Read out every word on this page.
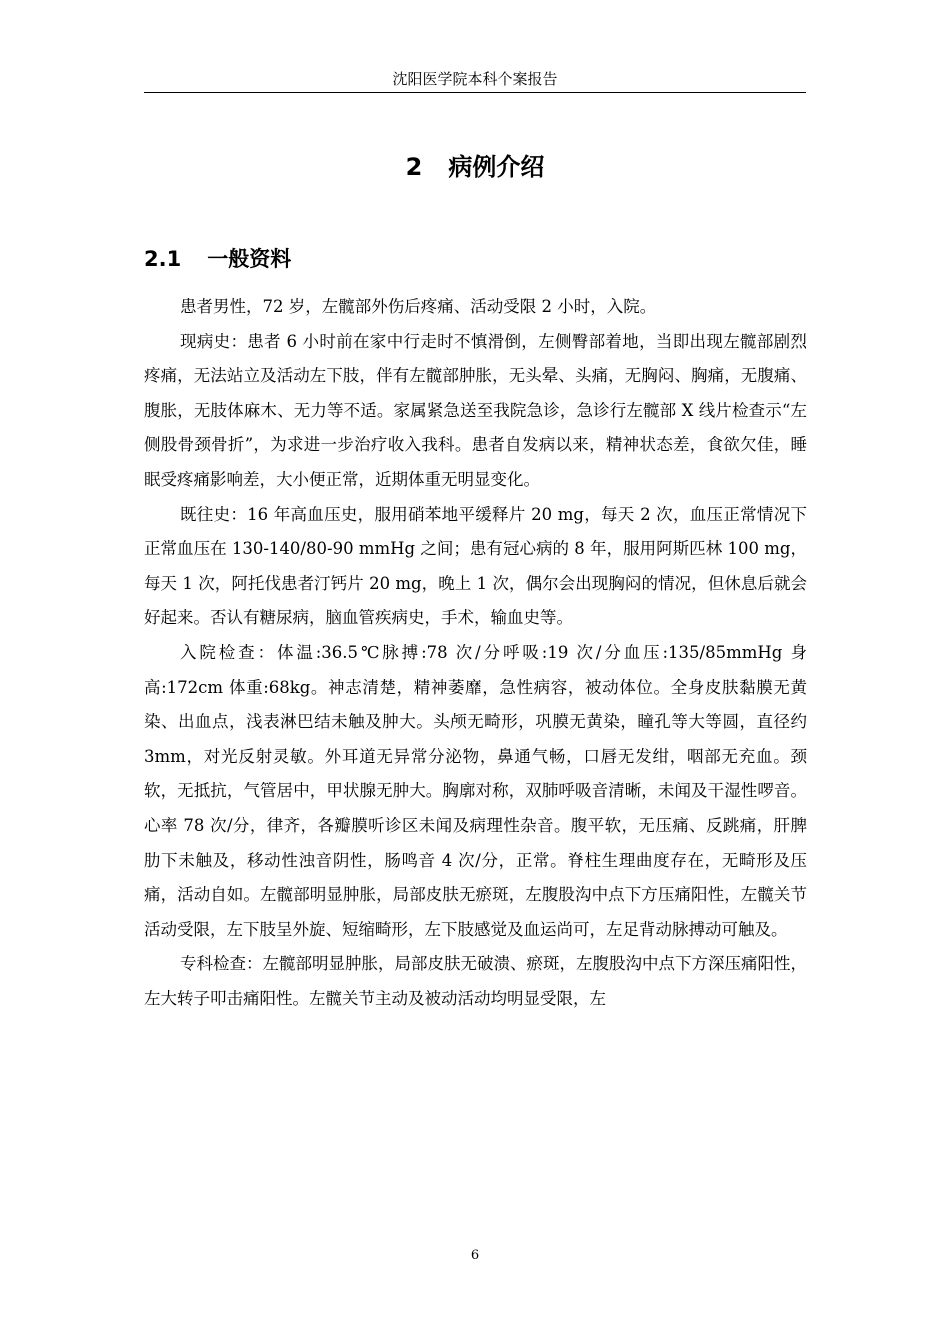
沈阳医学院本科个案报告
2 病例介绍
2.1 一般资料

患者男性，72 岁，左髋部外伤后疼痛、活动受限 2 小时，入院。

现病史：患者 6 小时前在家中行走时不慎滑倒，左侧臀部着地，当即出现左髋部剧烈疼痛，无法站立及活动左下肢，伴有左髋部肿胀，无头晕、头痛，无胸闷、胸痛，无腹痛、腹胀，无肢体麻木、无力等不适。家属紧急送至我院急诊，急诊行左髋部 X 线片检查示“左侧股骨颈骨折”，为求进一步治疗收入我科。患者自发病以来，精神状态差，食欲欠佳，睡眠受疼痛影响差，大小便正常，近期体重无明显变化。

既往史：16 年高血压史，服用硝苯地平缓释片 20 mg，每天 2 次，血压正常情况下正常血压在 130-140/80-90 mmHg 之间；患有冠心病的 8 年，服用阿斯匹林 100 mg，每天 1 次，阿托伐患者汀钙片 20 mg，晚上 1 次，偶尔会出现胸闷的情况，但休息后就会好起来。否认有糖尿病，脑血管疾病史，手术，输血史等。

入院检查：体温:36.5℃脉搏:78 次/分呼吸:19 次/分血压:135/85mmHg 身高:172cm 体重:68kg。神志清楚，精神萎靡，急性病容，被动体位。全身皮肤黏膜无黄染、出血点，浅表淋巴结未触及肿大。头颅无畸形，巩膜无黄染，瞳孔等大等圆，直径约 3mm，对光反射灵敏。外耳道无异常分泌物，鼻通气畅，口唇无发绀，咽部无充血。颈软，无抵抗，气管居中，甲状腺无肿大。胸廓对称，双肺呼吸音清晰，未闻及干湿性啰音。心率 78 次/分，律齐，各瓣膜听诊区未闻及病理性杂音。腹平软，无压痛、反跳痛，肝脾肋下未触及，移动性浊音阴性，肠鸣音 4 次/分，正常。脊柱生理曲度存在，无畸形及压痛，活动自如。左髋部明显肿胀，局部皮肤无瘀斑，左腹股沟中点下方压痛阳性，左髋关节活动受限，左下肢呈外旋、短缩畸形，左下肢感觉及血运尚可，左足背动脉搏动可触及。

专科检查：左髋部明显肿胀，局部皮肤无破溃、瘀斑，左腹股沟中点下方深压痛阳性，左大转子叩击痛阳性。左髋关节主动及被动活动均明显受限，左

6
